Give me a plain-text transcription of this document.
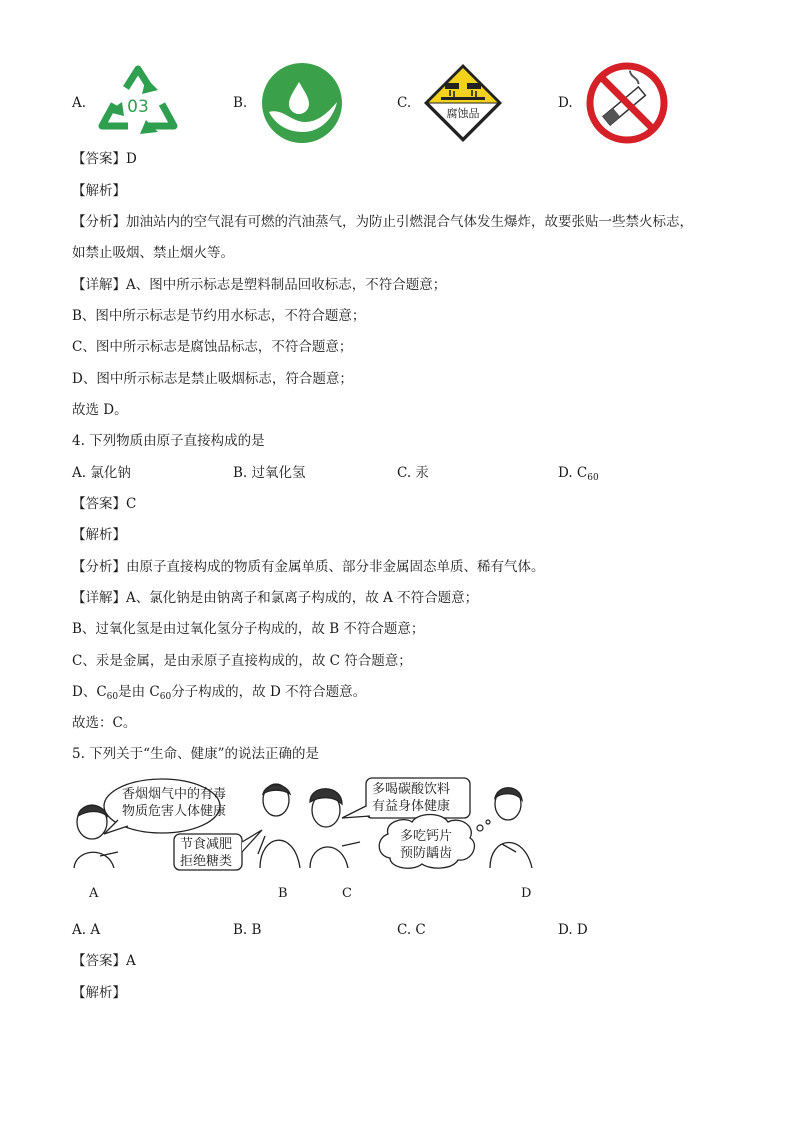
A. 03	B.	C.
腐蚀品
D.
【答案】D
【解析】
【分析】加油站内的空气混有可燃的汽油蒸气，为防止引燃混合气体发生爆炸，故要张贴一些禁火标志，
如禁止吸烟、禁止烟火等。
【详解】A、图中所示标志是塑料制品回收标志，不符合题意；
B、图中所示标志是节约用水标志，不符合题意；
C、图中所示标志是腐蚀品标志，不符合题意；
D、图中所示标志是禁止吸烟标志，符合题意；
故选 D。
4. 下列物质由原子直接构成的是
A. 氯化钠	B. 过氧化氢	C. 汞	D. $C_{60}$
【答案】C
【解析】
【分析】由原子直接构成的物质有金属单质、部分非金属固态单质、稀有气体。
【详解】A、氯化钠是由钠离子和氯离子构成的，故 A 不符合题意；
B、过氧化氢是由过氧化氢分子构成的，故 B 不符合题意；
C、汞是金属，是由汞原子直接构成的，故 C 符合题意；
D、$C_{60}$是由 $C_{60}$分子构成的，故 D 不符合题意。
故选：C。
5. 下列关于“生命、健康”的说法正确的是
香烟烟气中的有毒
物质危害人体健康
节食减肥
拒绝糖类
多喝碳酸饮料
有益身体健康
多吃钙片
预防龋齿
A	B	C	D
A. A	B. B	C. C	D. D
【答案】A
【解析】
